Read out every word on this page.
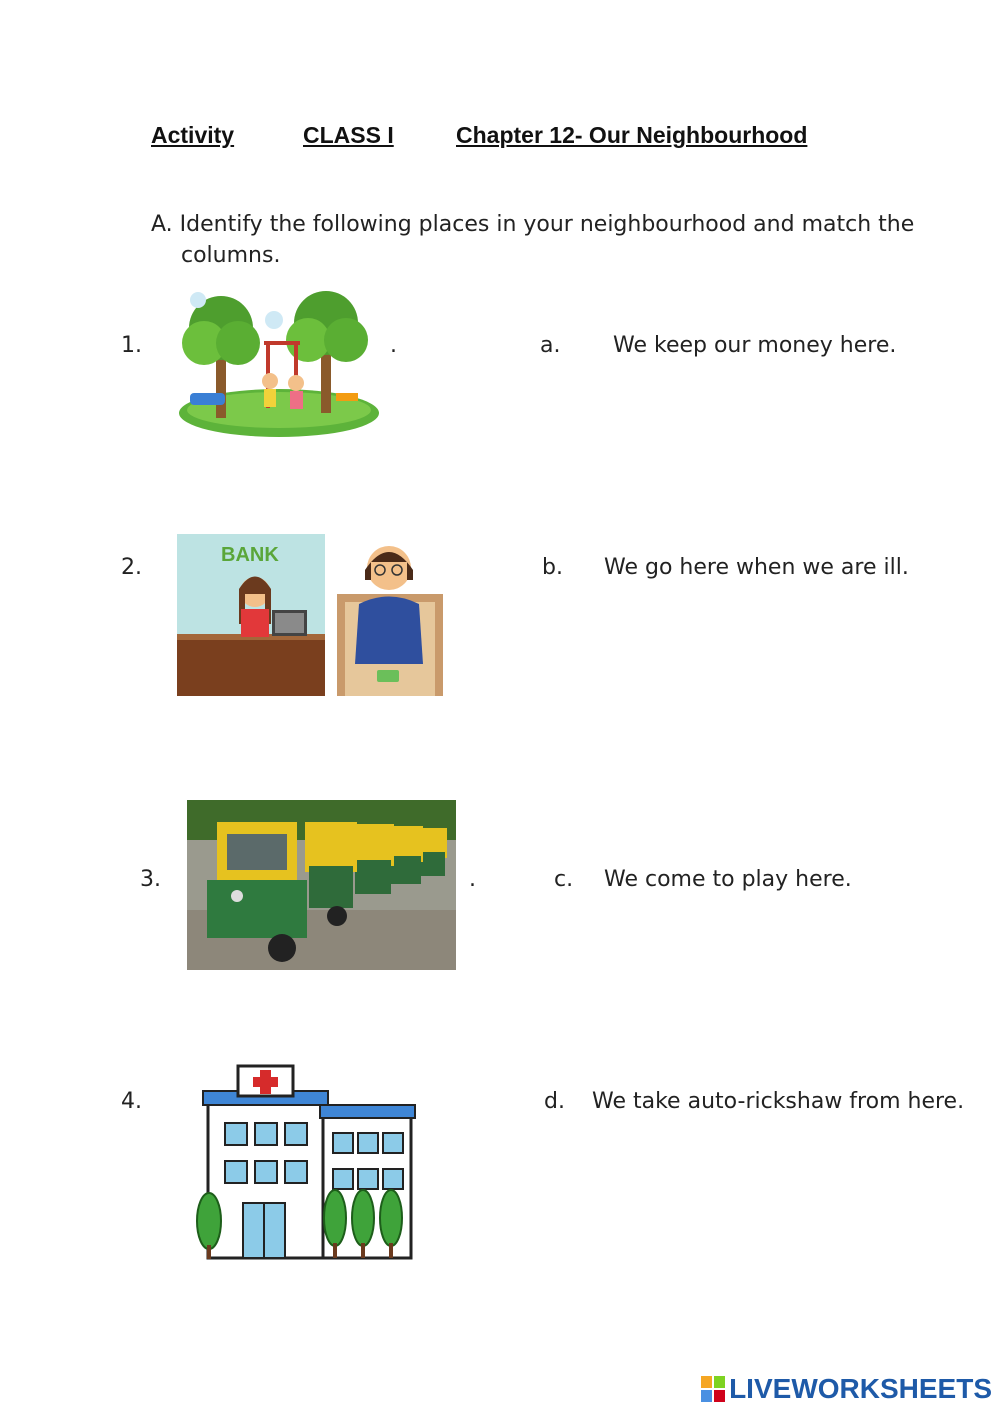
Activity	CLASS I	Chapter 12- Our Neighbourhood
A. Identify the following places in your neighbourhood and match the
columns.
1.	.	a. We keep our money here.
2.	BANK	b. We go here when we are ill.
3.	.	c. We come to play here.
4.	d. We take auto-rickshaw from here.
LIVEWORKSHEETS
